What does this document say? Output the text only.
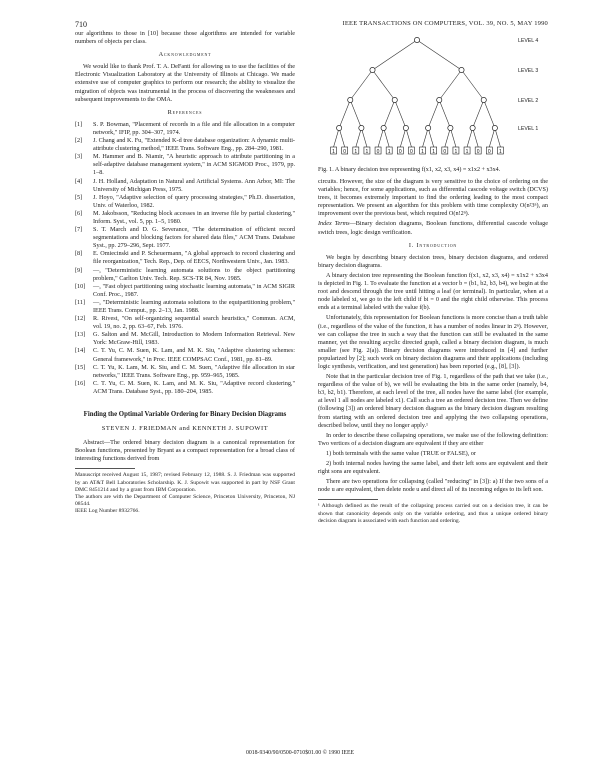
710	IEEE TRANSACTIONS ON COMPUTERS, VOL. 39, NO. 5, MAY 1990

our algorithms to those in [10] because those algorithms are intended for variable numbers of objects per class.

Acknowledgment

We would like to thank Prof. T. A. DeFanti for allowing us to use the facilities of the Electronic Visualization Laboratory at the University of Illinois at Chicago. We made extensive use of computer graphics to perform our research; the ability to visualize the migration of objects was instrumental in the process of discovering the weaknesses and subsequent improvements to the OMA.

References
[1]	S. P. Bowman, "Placement of records in a file and file allocation in a computer network," IFIP, pp. 304–307, 1974.
[2]	J. Chang and K. Fu, "Extended K-d tree database organization: A dynamic multi-attribute clustering method," IEEE Trans. Software Eng., pp. 284–290, 1981.
[3]	M. Hammer and B. Niamir, "A heuristic approach to attribute partitioning in a self-adaptive database management system," in ACM SIGMOD Proc., 1979, pp. 1–8.
[4]	J. H. Holland, Adaptation in Natural and Artificial Systems. Ann Arbor, MI: The University of Michigan Press, 1975.
[5]	J. Hoyo, "Adaptive selection of query processing strategies," Ph.D. dissertation, Univ. of Waterloo, 1982.
[6]	M. Jakobsson, "Reducing block accesses in an inverse file by partial clustering," Inform. Syst., vol. 5, pp. 1–5, 1980.
[7]	S. T. March and D. G. Severance, "The determination of efficient record segmentations and blocking factors for shared data files," ACM Trans. Database Syst., pp. 279–296, Sept. 1977.
[8]	E. Omiecinski and P. Scheuermann, "A global approach to record clustering and file reorganization," Tech. Rep., Dep. of EECS, Northwestern Univ., Jan. 1983.
[9]	—, "Deterministic learning automata solutions to the object partitioning problem," Carlton Univ. Tech. Rep. SCS-TR 84, Nov. 1985.
[10]	—, "Fast object partitioning using stochastic learning automata," in ACM SIGIR Conf. Proc., 1987.
[11]	—, "Deterministic learning automata solutions to the equipartitioning problem," IEEE Trans. Comput., pp. 2–13, Jan. 1988.
[12]	R. Rivest, "On self-organizing sequential search heuristics," Commun. ACM, vol. 19, no. 2, pp. 63–67, Feb. 1976.
[13]	G. Salton and M. McGill, Introduction to Modern Information Retrieval. New York: McGraw-Hill, 1983.
[14]	C. T. Yu, C. M. Suen, K. Lam, and M. K. Siu, "Adaptive clustering schemes: General framework," in Proc. IEEE COMPSAC Conf., 1981, pp. 81–89.
[15]	C. T. Yu, K. Lam, M. K. Siu, and C. M. Suen, "Adaptive file allocation in star networks," IEEE Trans. Software Eng., pp. 959–965, 1985.
[16]	C. T. Yu, C. M. Suen, K. Lam, and M. K. Siu, "Adaptive record clustering," ACM Trans. Database Syst., pp. 180–204, 1985.
Finding the Optimal Variable Ordering for Binary Decision Diagrams
STEVEN J. FRIEDMAN and KENNETH J. SUPOWIT

Abstract—The ordered binary decision diagram is a canonical representation for Boolean functions, presented by Bryant as a compact representation for a broad class of interesting functions derived from

Manuscript received August 15, 1987; revised February 12, 1988. S. J. Friedman was supported by an AT&T Bell Laboratories Scholarship. K. J. Supowit was supported in part by NSF Grant DMC 8451214 and by a grant from IBM Corporation.
The authors are with the Department of Computer Science, Princeton University, Princeton, NJ 08544.
IEEE Log Number 8932766.
LEVEL 4
LEVEL 3
LEVEL 2
LEVEL 1
1 0 1 1 0 1 0 0 1 1 0 1 1 0 0 1
Fig. 1. A binary decision tree representing f(x1, x2, x3, x4) = x1x2 + x3x4.

circuits. However, the size of the diagram is very sensitive to the choice of ordering on the variables; hence, for some applications, such as differential cascode voltage switch (DCVS) trees, it becomes extremely important to find the ordering leading to the most compact representation. We present an algorithm for this problem with time complexity O(n²3ⁿ), an improvement over the previous best, which required O(n!2ⁿ).

Index Terms—Binary decision diagrams, Boolean functions, differential cascode voltage switch trees, logic design verification.

I. Introduction

We begin by describing binary decision trees, binary decision diagrams, and ordered binary decision diagrams.

A binary decision tree representing the Boolean function f(x1, x2, x3, x4) = x1x2 + x3x4 is depicted in Fig. 1. To evaluate the function at a vector b = (b1, b2, b3, b4), we begin at the root and descend through the tree until hitting a leaf (or terminal). In particular, when at a node labeled xi, we go to the left child if bi = 0 and the right child otherwise. This process ends at a terminal labeled with the value f(b).

Unfortunately, this representation for Boolean functions is more concise than a truth table (i.e., regardless of the value of the function, it has a number of nodes linear in 2ⁿ). However, we can collapse the tree in such a way that the function can still be evaluated in the same manner, yet the resulting acyclic directed graph, called a binary decision diagram, is much smaller (see Fig. 2(a)). Binary decision diagrams were introduced in [4] and further popularized by [2]; such work on binary decision diagrams and their applications (including logic synthesis, verification, and test generation) has been reported (e.g., [8], [3]).

Note that in the particular decision tree of Fig. 1, regardless of the path that we take (i.e., regardless of the value of b), we will be evaluating the bits in the same order (namely, b4, b3, b2, b1). Therefore, at each level of the tree, all nodes have the same label (for example, at level 1 all nodes are labeled x1). Call such a tree an ordered decision tree. Then we define (following [3]) an ordered binary decision diagram as the binary decision diagram resulting from starting with an ordered decision tree and applying the two collapsing operations, described below, until they no longer apply.¹

In order to describe these collapsing operations, we make use of the following definition: Two vertices of a decision diagram are equivalent if they are either

1) both terminals with the same value (TRUE or FALSE), or

2) both internal nodes having the same label, and their left sons are equivalent and their right sons are equivalent.

There are two operations for collapsing (called "reducing" in [3]): a) If the two sons of a node u are equivalent, then delete node u and direct all of its incoming edges to its left son.

¹ Although defined as the result of the collapsing process carried out on a decision tree, it can be shown that canonicity depends only on the variable ordering, and thus a unique ordered binary decision diagram is associated with each function and ordering.
0018-9340/90/0500-0710$01.00 © 1990 IEEE
